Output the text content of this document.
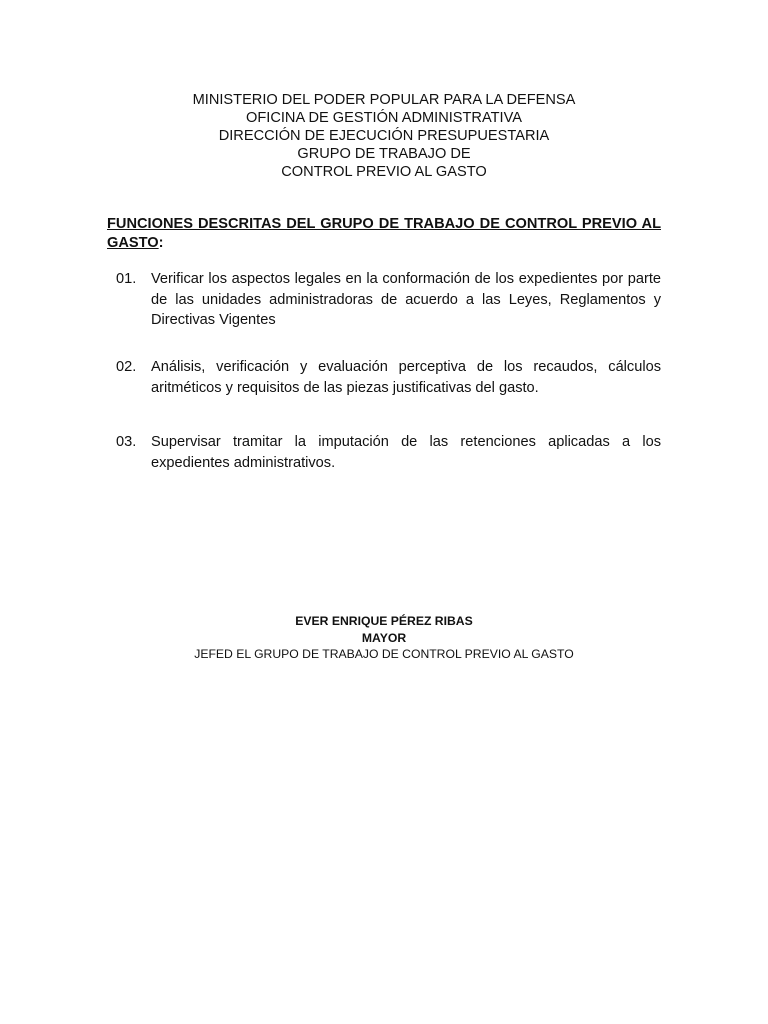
MINISTERIO DEL PODER POPULAR PARA LA DEFENSA
OFICINA DE GESTIÓN ADMINISTRATIVA
DIRECCIÓN DE EJECUCIÓN PRESUPUESTARIA
GRUPO DE TRABAJO DE
CONTROL PREVIO AL GASTO
FUNCIONES DESCRITAS DEL GRUPO DE TRABAJO DE CONTROL PREVIO AL GASTO:
01.	Verificar los aspectos legales en la conformación de los expedientes por parte de las unidades administradoras de acuerdo a las Leyes, Reglamentos y Directivas Vigentes
02.	Análisis, verificación y evaluación perceptiva de los recaudos, cálculos aritméticos y requisitos de las piezas justificativas del gasto.
03.	Supervisar tramitar la imputación de las retenciones aplicadas a los expedientes administrativos.
EVER ENRIQUE PÉREZ RIBAS
MAYOR
JEFED EL GRUPO DE TRABAJO DE CONTROL PREVIO AL GASTO
